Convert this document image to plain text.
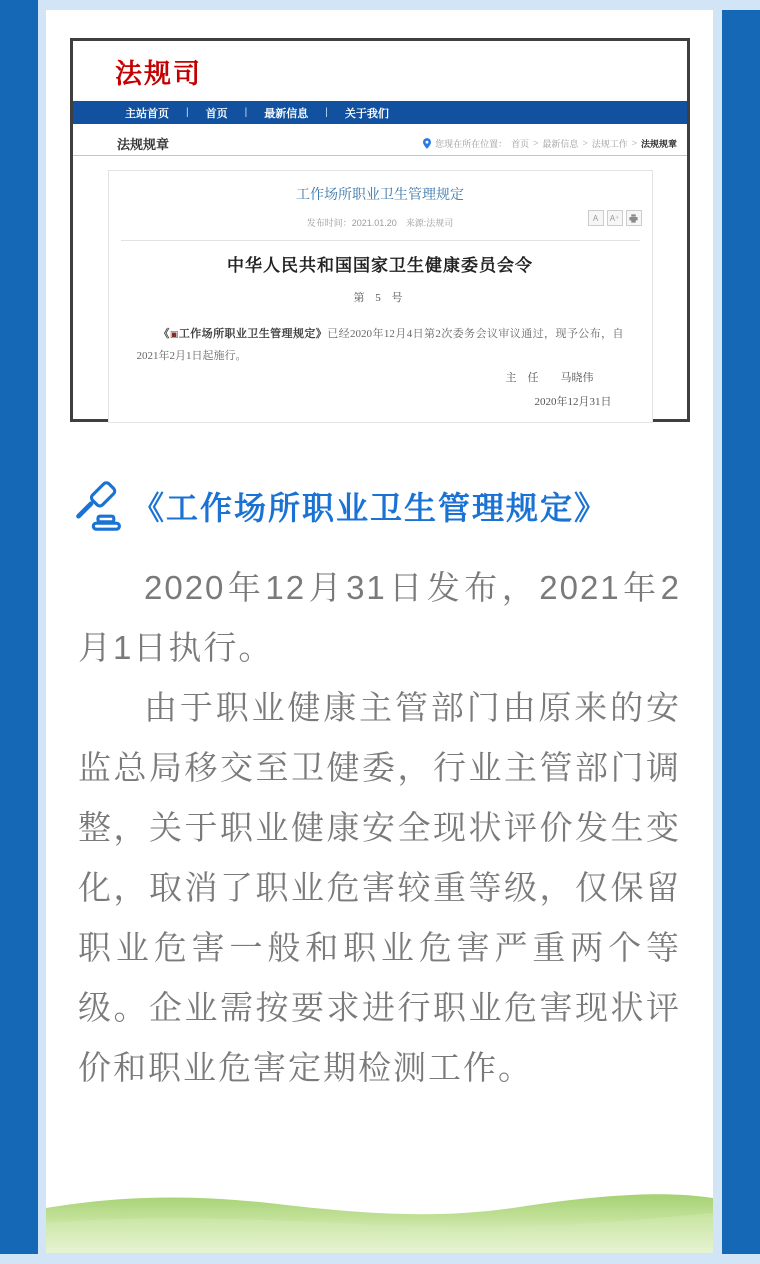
法规司
主站首页 | 首页 | 最新信息 | 关于我们
法规规章	您现在所在位置： 首页 > 最新信息 > 法规工作 > 法规规章
工作场所职业卫生管理规定
发布时间：2021.01.20　来源:法规司	A	A⁺
中华人民共和国国家卫生健康委员会令
第 5 号

《▣工作场所职业卫生管理规定》已经2020年12月4日第2次委务会议审议通过，现予公布，自2021年2月1日起施行。

主　任　　马晓伟
2020年12月31日
《工作场所职业卫生管理规定》

2020年12月31日发布，2021年2月1日执行。

由于职业健康主管部门由原来的安监总局移交至卫健委，行业主管部门调整，关于职业健康安全现状评价发生变化，取消了职业危害较重等级，仅保留职业危害一般和职业危害严重两个等级。企业需按要求进行职业危害现状评价和职业危害定期检测工作。
